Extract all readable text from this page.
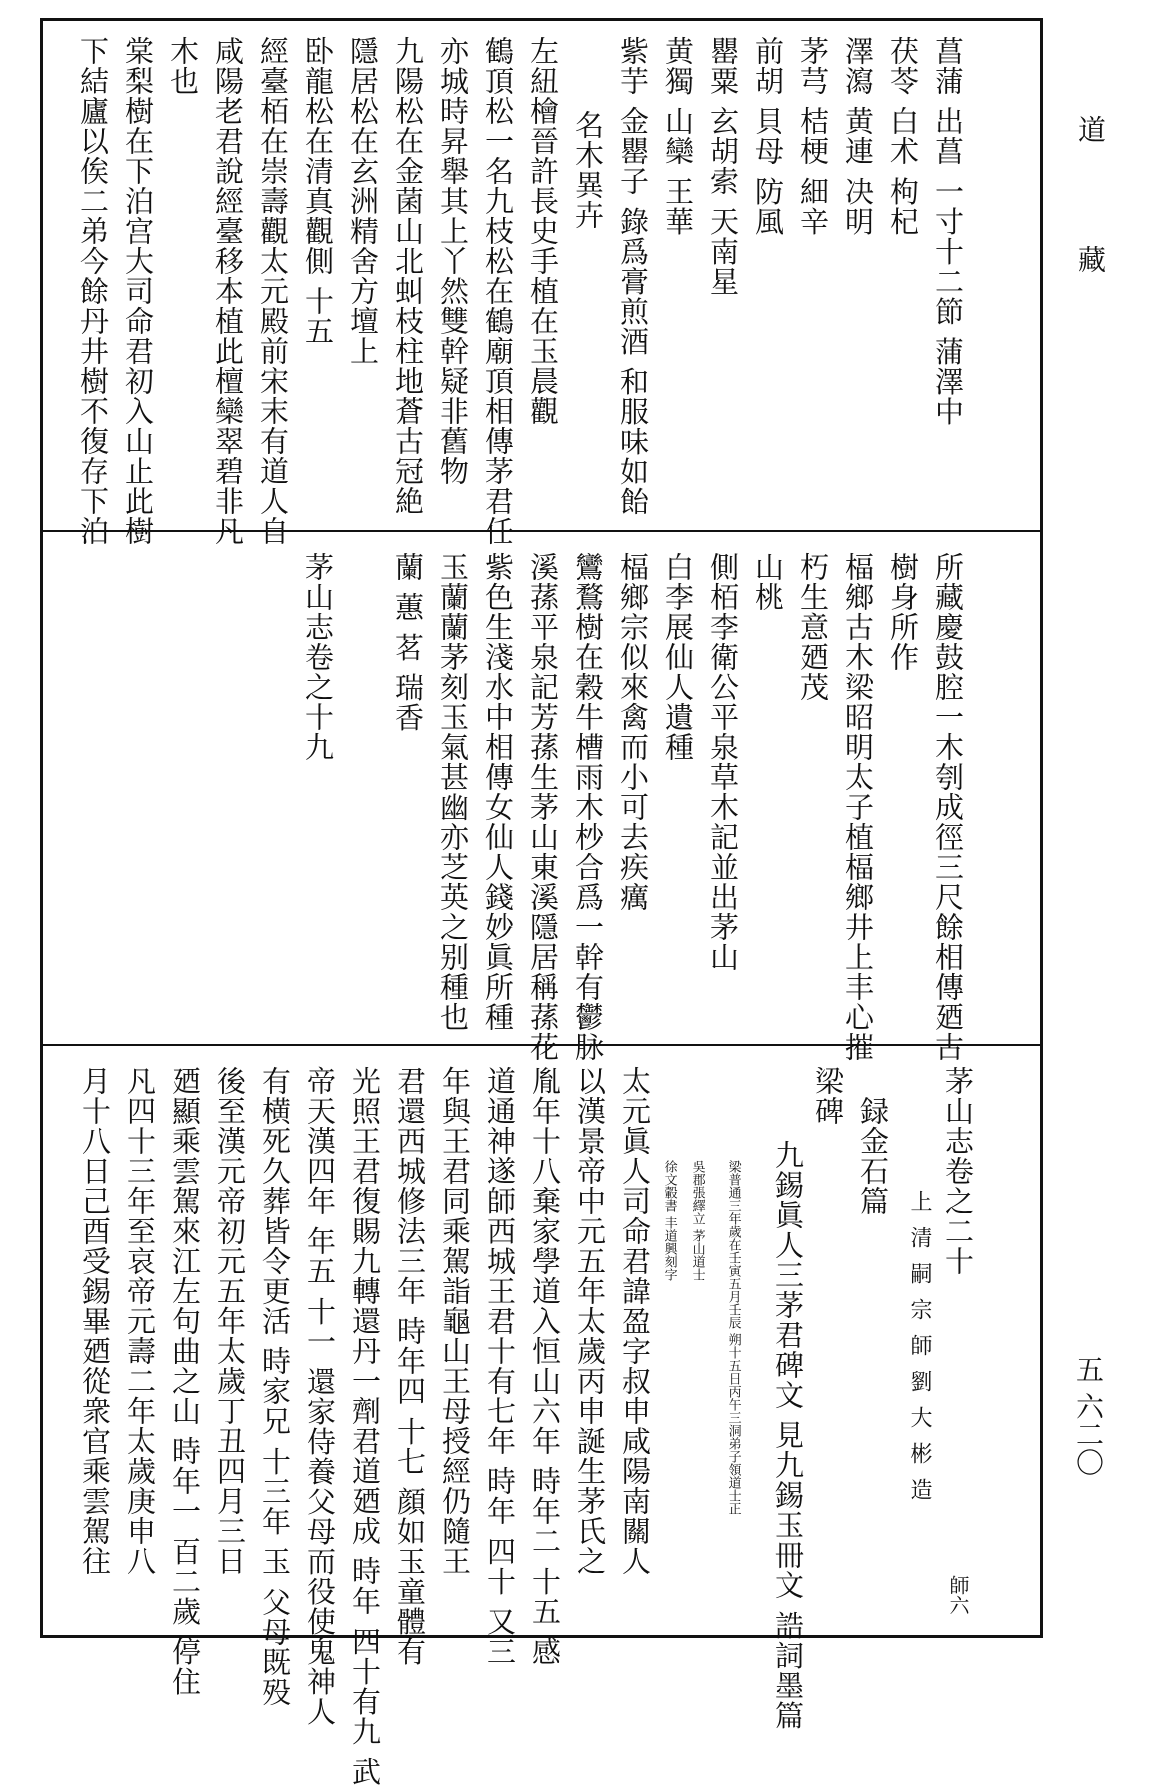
道
藏
五 六二〇
菖蒲 出菖 一寸十二節 蒲澤中
茯苓 白术 枸杞
澤瀉 黄連 决明
茅芎 桔梗 細辛
前胡 貝母 防風
罌粟 玄胡索 天南星
黄獨 山欒 王華
紫芋 金罌子 錄爲膏煎酒 和服味如飴
名木異卉
左紐檜晉許長史手植在玉晨觀
鶴頂松一名九枝松在鶴廟頂相傳茅君任
亦城時昇舉其上丫然雙幹疑非舊物
九陽松在金菌山北虯枝柱地蒼古冠絶
隱居松在玄洲精舍方壇上
卧龍松在清真觀側 十五
經臺栢在崇壽觀太元殿前宋末有道人自
咸陽老君說經臺移本植此檀欒翠碧非凡
木也
棠梨樹在下泊宫大司命君初入山止此樹
下結廬以俟二弟今餘丹井樹不復存下泊
所藏慶鼓腔一木刳成徑三尺餘相傳廼古
樹身所作
楅鄉古木梁昭明太子植楅鄉井上丰心摧
朽生意廼茂
山桃
側栢李衛公平泉草木記並出茅山
白李展仙人遺種
楅鄉宗似來禽而小可去疾癘
鸞鶩樹在穀牛槽雨木杪合爲一幹有鬱脉
溪蓀平泉記芳蓀生茅山東溪隱居稱蓀花
紫色生淺水中相傳女仙人錢妙眞所種
玉蘭蘭茅刻玉氣甚幽亦芝英之别種也
蘭 蕙 茗 瑞香
茅山志卷之十九
茅山志卷之二十
上清嗣宗師劉大彬造
師六
録金石篇
梁碑
九錫眞人三茅君碑文 見九錫玉冊文 誥詞墨篇
梁普通三年歲在壬寅五月壬辰 朔十五日丙午三洞弟子領道士正
吳郡張繹立 茅山道士
徐文轂書 丰道興刻字
太元眞人司命君諱盈字叔申咸陽南關人
以漢景帝中元五年太歲丙申誕生茅氏之
胤年十八棄家學道入恒山六年 時年二 十五 感
道通神遂師西城王君十有七年 時年 四十 又三
年與王君同乘駕詣龜山王母授經仍隨王
君還西城修法三年 時年四 十七 顔如玉童體有
光照王君復賜九轉還丹一劑君道廼成 時年 四十有九 武
帝天漢四年 年五 十一 還家侍養父母而役使鬼神人
有横死久葬皆令更活 時家兄 十三年 玉 父母既殁
後至漢元帝初元五年太歲丁丑四月三日
廼顯乘雲駕來江左句曲之山 時年一 百二歲 停住
凡四十三年至哀帝元壽二年太歲庚申八
月十八日己酉受錫畢廼從衆官乘雲駕往
